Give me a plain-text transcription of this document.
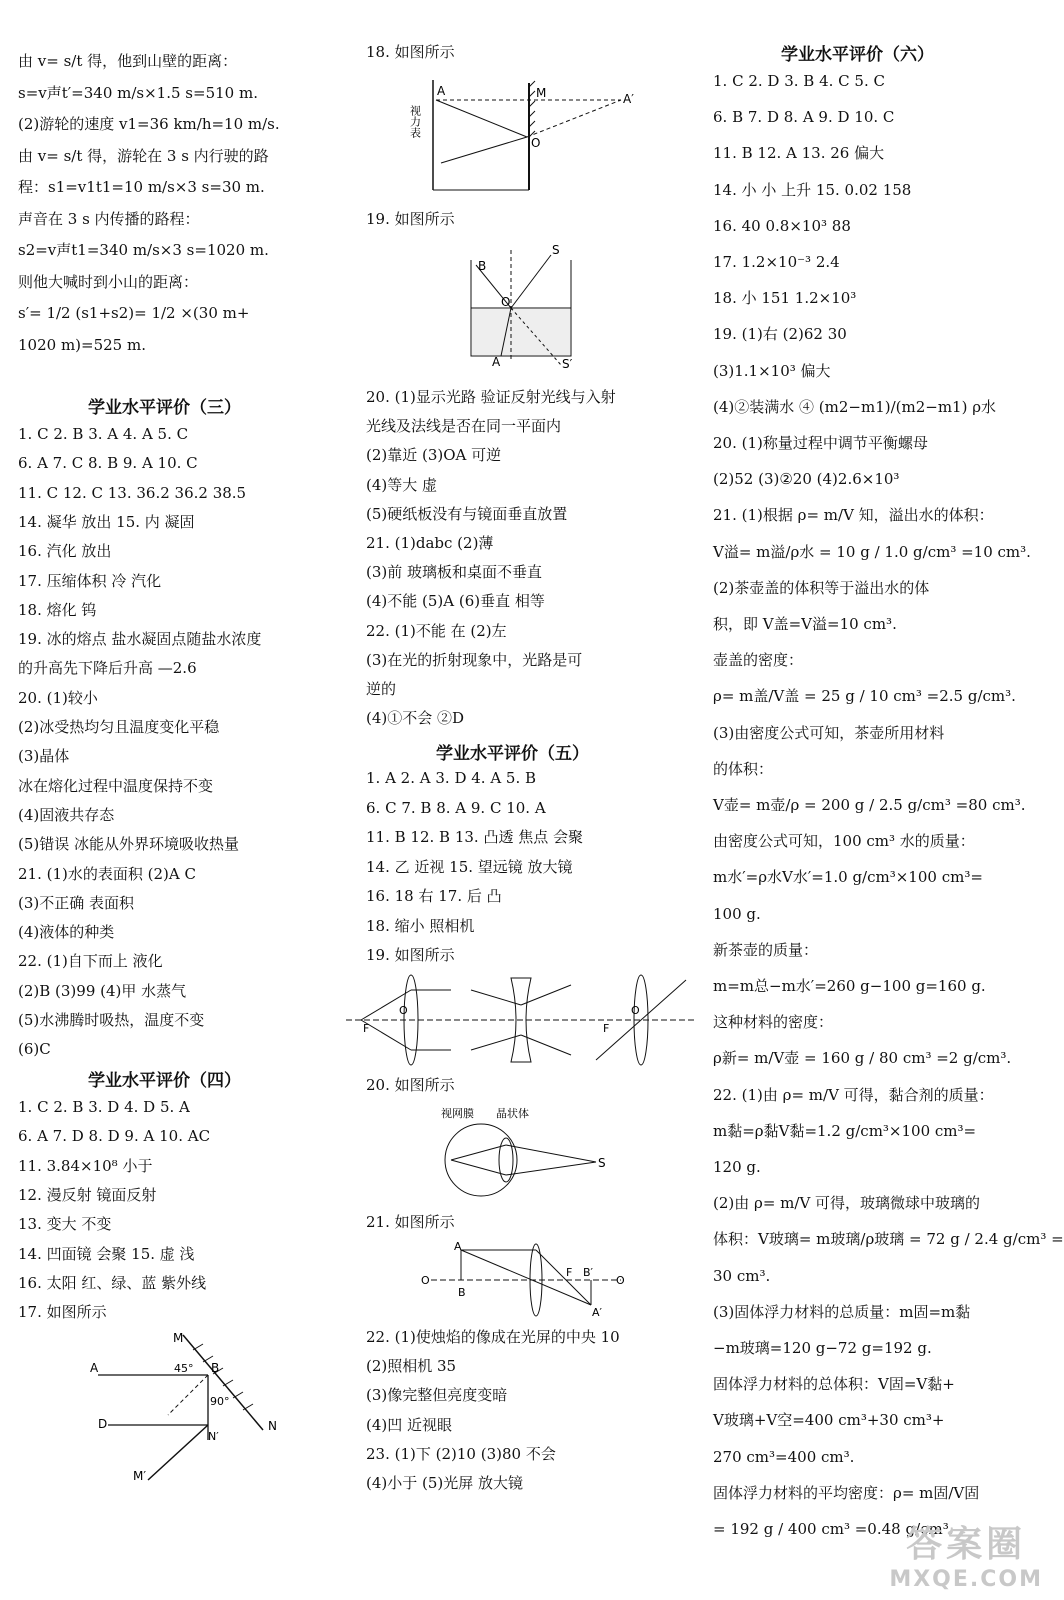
由 v= s/t 得，他到山壁的距离：
s=v声t′=340 m/s×1.5 s=510 m.
(2)游轮的速度 v1=36 km/h=10 m/s.
由 v= s/t 得，游轮在 3 s 内行驶的路
程：s1=v1t1=10 m/s×3 s=30 m.
声音在 3 s 内传播的路程：
s2=v声t1=340 m/s×3 s=1020 m.
则他大喊时到小山的距离：
s′= 1/2 (s1+s2)= 1/2 ×(30 m+
1020 m)=525 m.
学业水平评价（三）
1. C 2. B 3. A 4. A 5. C
6. A 7. C 8. B 9. A 10. C
11. C 12. C 13. 36.2 36.2 38.5
14. 凝华 放出 15. 内 凝固
16. 汽化 放出
17. 压缩体积 冷 汽化
18. 熔化 钨
19. 冰的熔点 盐水凝固点随盐水浓度
的升高先下降后升高 —2.6
20. (1)较小
(2)冰受热均匀且温度变化平稳
(3)晶体
冰在熔化过程中温度保持不变
(4)固液共存态
(5)错误 冰能从外界环境吸收热量
21. (1)水的表面积 (2)A C
(3)不正确 表面积
(4)液体的种类
22. (1)自下而上 液化
(2)B (3)99 (4)甲 水蒸气
(5)水沸腾时吸热，温度不变
(6)C
学业水平评价（四）
1. C 2. B 3. D 4. D 5. A
6. A 7. D 8. D 9. A 10. AC
11. 3.84×10⁸ 小于
12. 漫反射 镜面反射
13. 变大 不变
14. 凹面镜 会聚 15. 虚 浅
16. 太阳 红、绿、蓝 紫外线
17. 如图所示
M
A	B
45°
90°
D
N′
N
M′
18. 如图所示
A	M	A′
O
视力表
19. 如图所示
B
S
O
A	S′
20. (1)显示光路 验证反射光线与入射
光线及法线是否在同一平面内
(2)靠近 (3)OA 可逆
(4)等大 虚
(5)硬纸板没有与镜面垂直放置
21. (1)dabc (2)薄
(3)前 玻璃板和桌面不垂直
(4)不能 (5)A (6)垂直 相等
22. (1)不能 在 (2)左
(3)在光的折射现象中，光路是可
逆的
(4)①不会 ②D
学业水平评价（五）
1. A 2. A 3. D 4. A 5. B
6. C 7. B 8. A 9. C 10. A
11. B 12. B 13. 凸透 焦点 会聚
14. 乙 近视 15. 望远镜 放大镜
16. 18 右 17. 后 凸
18. 缩小 照相机
19. 如图所示
F
O
F
O
20. 如图所示
视网膜 晶状体
S
21. 如图所示
A
O
B
F B′
O
A′
22. (1)使烛焰的像成在光屏的中央 10
(2)照相机 35
(3)像完整但亮度变暗
(4)凹 近视眼
23. (1)下 (2)10 (3)80 不会
(4)小于 (5)光屏 放大镜
学业水平评价（六）
1. C 2. D 3. B 4. C 5. C
6. B 7. D 8. A 9. D 10. C
11. B 12. A 13. 26 偏大
14. 小 小 上升 15. 0.02 158
16. 40 0.8×10³ 88
17. 1.2×10⁻³ 2.4
18. 小 151 1.2×10³
19. (1)右 (2)62 30
(3)1.1×10³ 偏大
(4)②装满水 ④ (m2−m1)/(m2−m1) ρ水
20. (1)称量过程中调节平衡螺母
(2)52 (3)②20 (4)2.6×10³
21. (1)根据 ρ= m/V 知，溢出水的体积：
V溢= m溢/ρ水 = 10 g / 1.0 g/cm³ =10 cm³.
(2)茶壶盖的体积等于溢出水的体
积，即 V盖=V溢=10 cm³.
壶盖的密度：
ρ= m盖/V盖 = 25 g / 10 cm³ =2.5 g/cm³.
(3)由密度公式可知，茶壶所用材料
的体积：
V壶= m壶/ρ = 200 g / 2.5 g/cm³ =80 cm³.
由密度公式可知，100 cm³ 水的质量：
m水′=ρ水V水′=1.0 g/cm³×100 cm³=
100 g.
新茶壶的质量：
m=m总−m水′=260 g−100 g=160 g.
这种材料的密度：
ρ新= m/V壶 = 160 g / 80 cm³ =2 g/cm³.
22. (1)由 ρ= m/V 可得，黏合剂的质量：
m黏=ρ黏V黏=1.2 g/cm³×100 cm³=
120 g.
(2)由 ρ= m/V 可得，玻璃微球中玻璃的
体积：V玻璃= m玻璃/ρ玻璃 = 72 g / 2.4 g/cm³ =
30 cm³.
(3)固体浮力材料的总质量：m固=m黏
−m玻璃=120 g−72 g=192 g.
固体浮力材料的总体积：V固=V黏+
V玻璃+V空=400 cm³+30 cm³+
270 cm³=400 cm³.
固体浮力材料的平均密度：ρ= m固/V固
= 192 g / 400 cm³ =0.48 g/cm³.
答案圈
MXQE.COM
